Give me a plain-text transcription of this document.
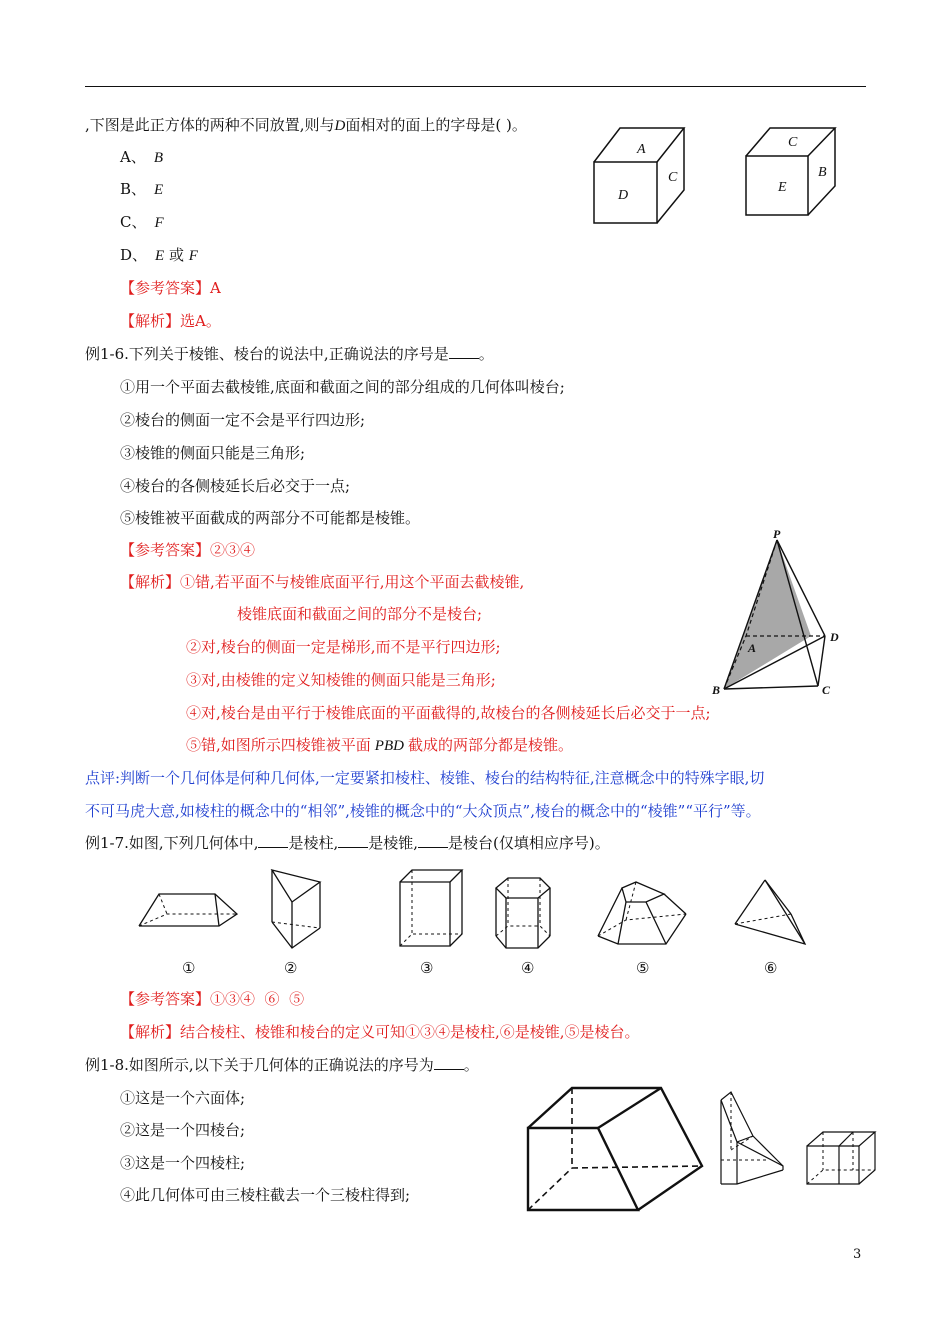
,下图是此正方体的两种不同放置,则与D面相对的面上的字母是( )。
A、 B
B、 E
C、 F
D、 E 或 F
【参考答案】A
【解析】选A。
A
D
C
C
E
B
例1-6.下列关于棱锥、棱台的说法中,正确说法的序号是 。
①用一个平面去截棱锥,底面和截面之间的部分组成的几何体叫棱台;
②棱台的侧面一定不会是平行四边形;
③棱锥的侧面只能是三角形;
④棱台的各侧棱延长后必交于一点;
⑤棱锥被平面截成的两部分不可能都是棱锥。
【参考答案】②③④
【解析】①错,若平面不与棱锥底面平行,用这个平面去截棱锥,
棱锥底面和截面之间的部分不是棱台;
②对,棱台的侧面一定是梯形,而不是平行四边形;
③对,由棱锥的定义知棱锥的侧面只能是三角形;
④对,棱台是由平行于棱锥底面的平面截得的,故棱台的各侧棱延长后必交于一点;
⑤错,如图所示四棱锥被平面 PBD 截成的两部分都是棱锥。
P
D
A
B	C
点评:判断一个几何体是何种几何体,一定要紧扣棱柱、棱锥、棱台的结构特征,注意概念中的特殊字眼,切
不可马虎大意,如棱柱的概念中的“相邻”,棱锥的概念中的“大众顶点”,棱台的概念中的“棱锥”“平行”等。
例1-7.如图,下列几何体中, 是棱柱, 是棱锥, 是棱台(仅填相应序号)。
①	②	③	④	⑤	⑥
【参考答案】①③④  ⑥  ⑤
【解析】结合棱柱、棱锥和棱台的定义可知①③④是棱柱,⑥是棱锥,⑤是棱台。
例1-8.如图所示,以下关于几何体的正确说法的序号为 。
①这是一个六面体;
②这是一个四棱台;
③这是一个四棱柱;
④此几何体可由三棱柱截去一个三棱柱得到;
3
